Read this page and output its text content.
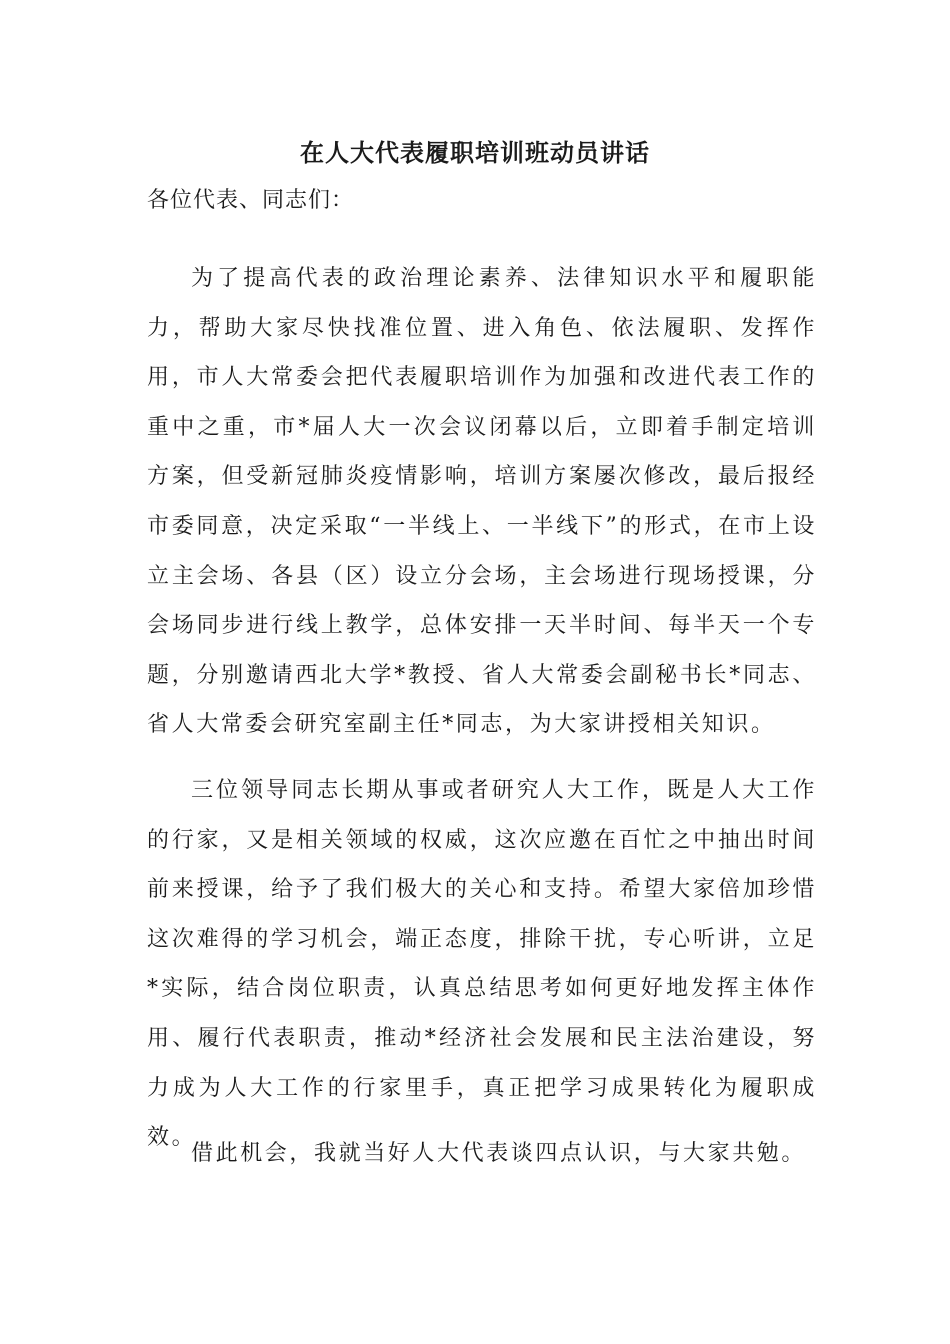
在人大代表履职培训班动员讲话
各位代表、同志们：
为了提高代表的政治理论素养、法律知识水平和履职能力，帮助大家尽快找准位置、进入角色、依法履职、发挥作用，市人大常委会把代表履职培训作为加强和改进代表工作的重中之重，市*届人大一次会议闭幕以后，立即着手制定培训方案，但受新冠肺炎疫情影响，培训方案屡次修改，最后报经市委同意，决定采取“一半线上、一半线下”的形式，在市上设立主会场、各县（区）设立分会场，主会场进行现场授课，分会场同步进行线上教学，总体安排一天半时间、每半天一个专题，分别邀请西北大学*教授、省人大常委会副秘书长*同志、省人大常委会研究室副主任*同志，为大家讲授相关知识。
三位领导同志长期从事或者研究人大工作，既是人大工作的行家，又是相关领域的权威，这次应邀在百忙之中抽出时间前来授课，给予了我们极大的关心和支持。希望大家倍加珍惜这次难得的学习机会，端正态度，排除干扰，专心听讲，立足*实际，结合岗位职责，认真总结思考如何更好地发挥主体作用、履行代表职责，推动*经济社会发展和民主法治建设，努力成为人大工作的行家里手，真正把学习成果转化为履职成效。
借此机会，我就当好人大代表谈四点认识，与大家共勉。
